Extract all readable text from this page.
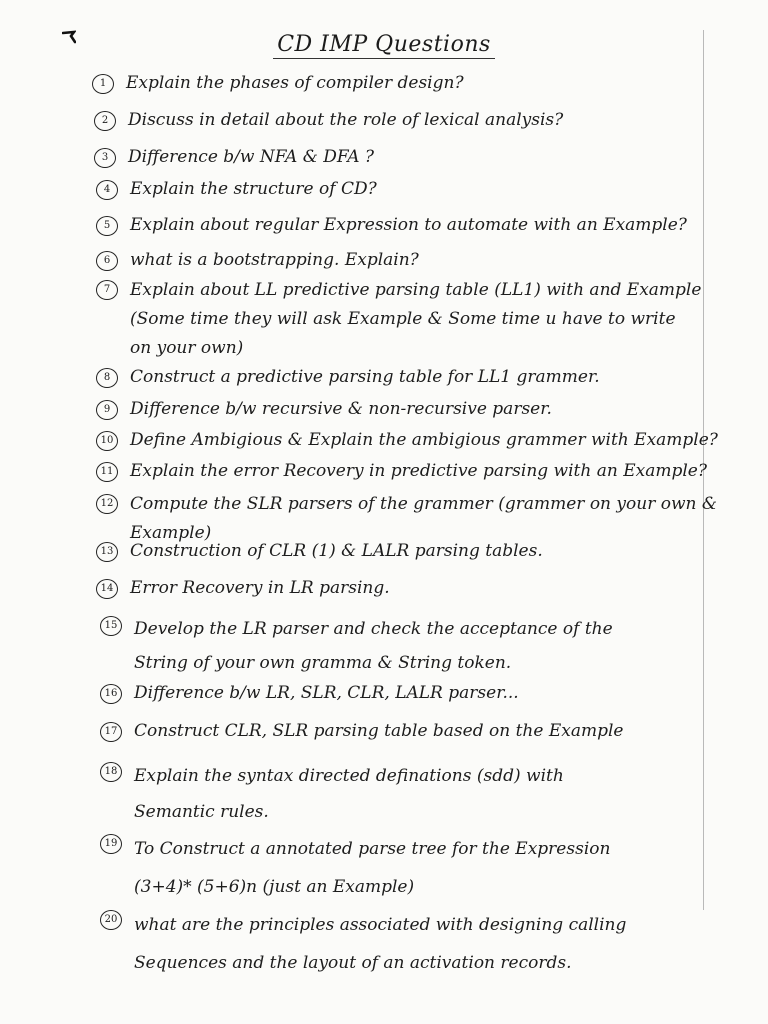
CD IMP Questions
1	Explain the phases of compiler design?
2	Discuss in detail about the role of lexical analysis?
3	Difference b/w NFA & DFA ?
4	Explain the structure of CD?
5	Explain about regular Expression to automate with an Example?
6	what is a bootstrapping. Explain?
7	Explain about LL predictive parsing table (LL1) with and Example
(Some time they will ask Example & Some time u have to write
on your own)
8	Construct a predictive parsing table for LL1 grammer.
9	Difference b/w recursive & non-recursive parser.
10 Define Ambigious & Explain the ambigious grammer with Example?
11 Explain the error Recovery in predictive parsing with an Example?
12 Compute the SLR parsers of the grammer (grammer on your own &
Example)
13 Construction of CLR (1) & LALR parsing tables.
14 Error Recovery in LR parsing.
15 Develop the LR parser and check the acceptance of the
String of your own gramma & String token.
16 Difference b/w LR, SLR, CLR, LALR parser...
17 Construct CLR, SLR parsing table based on the Example
18 Explain the syntax directed definations (sdd) with
Semantic rules.
19 To Construct a annotated parse tree for the Expression
(3+4)* (5+6)n (just an Example)
20 what are the principles associated with designing calling
Sequences and the layout of an activation records.
